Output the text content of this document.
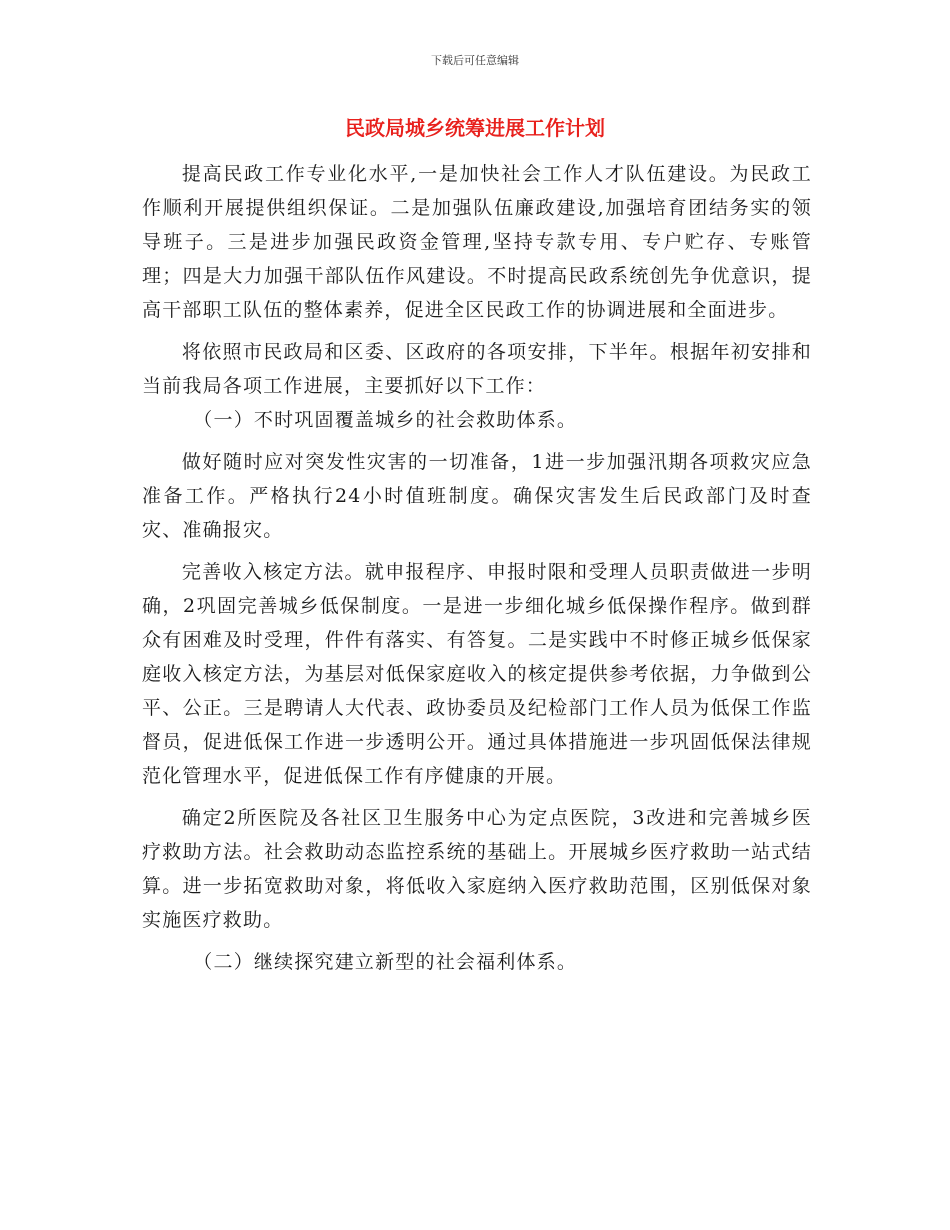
下载后可任意编辑
民政局城乡统筹进展工作计划

提高民政工作专业化水平,一是加快社会工作人才队伍建设。为民政工作顺利开展提供组织保证。二是加强队伍廉政建设,加强培育团结务实的领导班子。三是进步加强民政资金管理,坚持专款专用、专户贮存、专账管理；四是大力加强干部队伍作风建设。不时提高民政系统创先争优意识，提高干部职工队伍的整体素养，促进全区民政工作的协调进展和全面进步。

将依照市民政局和区委、区政府的各项安排，下半年。根据年初安排和当前我局各项工作进展，主要抓好以下工作：

（一）不时巩固覆盖城乡的社会救助体系。

做好随时应对突发性灾害的一切准备，1进一步加强汛期各项救灾应急准备工作。严格执行24小时值班制度。确保灾害发生后民政部门及时查灾、准确报灾。

完善收入核定方法。就申报程序、申报时限和受理人员职责做进一步明确，2巩固完善城乡低保制度。一是进一步细化城乡低保操作程序。做到群众有困难及时受理，件件有落实、有答复。二是实践中不时修正城乡低保家庭收入核定方法，为基层对低保家庭收入的核定提供参考依据，力争做到公平、公正。三是聘请人大代表、政协委员及纪检部门工作人员为低保工作监督员，促进低保工作进一步透明公开。通过具体措施进一步巩固低保法律规范化管理水平，促进低保工作有序健康的开展。

确定2所医院及各社区卫生服务中心为定点医院，3改进和完善城乡医疗救助方法。社会救助动态监控系统的基础上。开展城乡医疗救助一站式结算。进一步拓宽救助对象，将低收入家庭纳入医疗救助范围，区别低保对象实施医疗救助。

（二）继续探究建立新型的社会福利体系。
